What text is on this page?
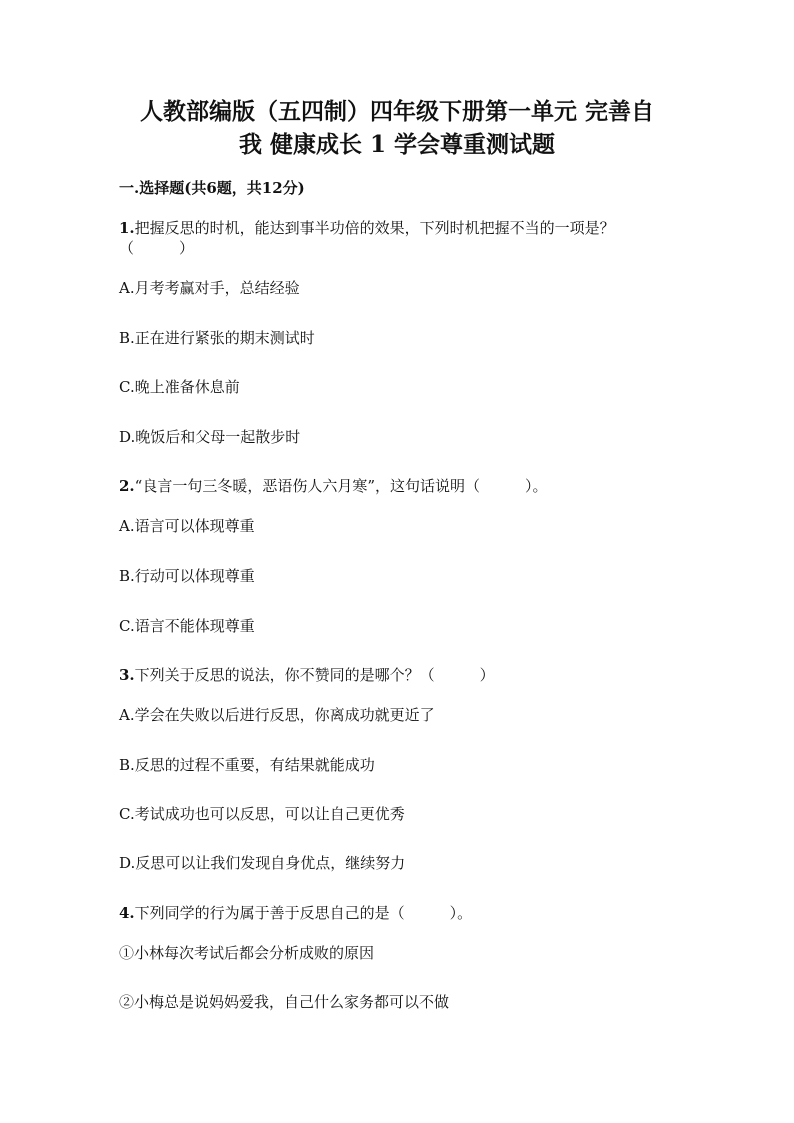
人教部编版（五四制）四年级下册第一单元 完善自
我 健康成长 1 学会尊重测试题
一.选择题(共6题，共12分)
1.把握反思的时机，能达到事半功倍的效果，下列时机把握不当的一项是？
（　　　）
A.月考考赢对手，总结经验
B.正在进行紧张的期末测试时
C.晚上准备休息前
D.晚饭后和父母一起散步时
2.“良言一句三冬暖，恶语伤人六月寒”，这句话说明（　　　）。
A.语言可以体现尊重
B.行动可以体现尊重
C.语言不能体现尊重
3.下列关于反思的说法，你不赞同的是哪个？（　　　）
A.学会在失败以后进行反思，你离成功就更近了
B.反思的过程不重要，有结果就能成功
C.考试成功也可以反思，可以让自己更优秀
D.反思可以让我们发现自身优点，继续努力
4.下列同学的行为属于善于反思自己的是（　　　）。
①小林每次考试后都会分析成败的原因
②小梅总是说妈妈爱我，自己什么家务都可以不做
